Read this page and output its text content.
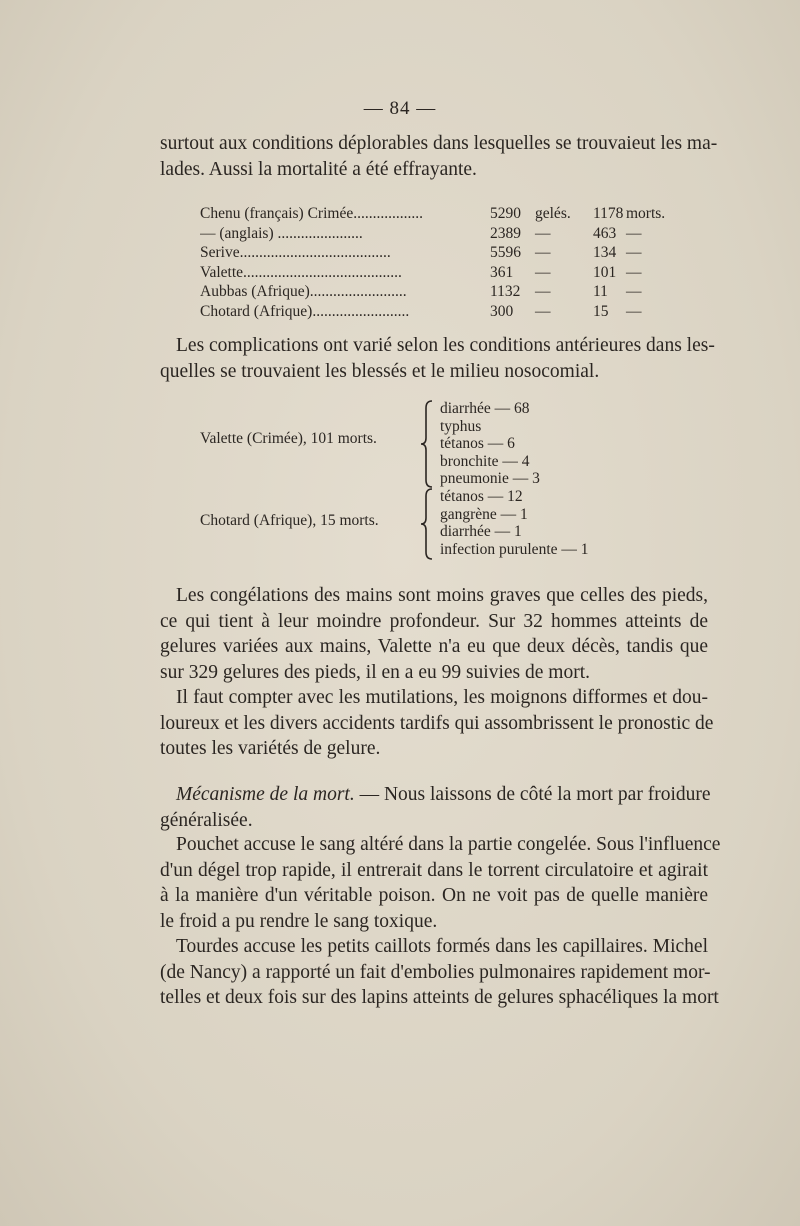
— 84 —
surtout aux conditions déplorables dans lesquelles se trouvaieut les ma-
lades. Aussi la mortalité a été effrayante.
Chenu (français) Crimée..................	5290 gelés. 1178 morts.
— (anglais) ......................	2389 —	463 —
Serive.......................................	5596 —	134 —
Valette.........................................	361 —	101 —
Aubbas (Afrique).........................	1132 —	11 —
Chotard (Afrique).........................	300 —	15 —
Les complications ont varié selon les conditions antérieures dans les-
quelles se trouvaient les blessés et le milieu nosocomial.
Valette (Crimée), 101 morts.
diarrhée — 68
typhus
tétanos — 6
bronchite — 4
pneumonie — 3
Chotard (Afrique), 15 morts.
tétanos — 12
gangrène — 1
diarrhée — 1
infection purulente — 1
Les congélations des mains sont moins graves que celles des pieds,
ce qui tient à leur moindre profondeur. Sur 32 hommes atteints de
gelures variées aux mains, Valette n'a eu que deux décès, tandis que
sur 329 gelures des pieds, il en a eu 99 suivies de mort.
Il faut compter avec les mutilations, les moignons difformes et dou-
loureux et les divers accidents tardifs qui assombrissent le pronostic de
toutes les variétés de gelure.
Mécanisme de la mort. — Nous laissons de côté la mort par froidure
généralisée.
Pouchet accuse le sang altéré dans la partie congelée. Sous l'influence
d'un dégel trop rapide, il entrerait dans le torrent circulatoire et agirait
à la manière d'un véritable poison. On ne voit pas de quelle manière
le froid a pu rendre le sang toxique.
Tourdes accuse les petits caillots formés dans les capillaires. Michel
(de Nancy) a rapporté un fait d'embolies pulmonaires rapidement mor-
telles et deux fois sur des lapins atteints de gelures sphacéliques la mort
